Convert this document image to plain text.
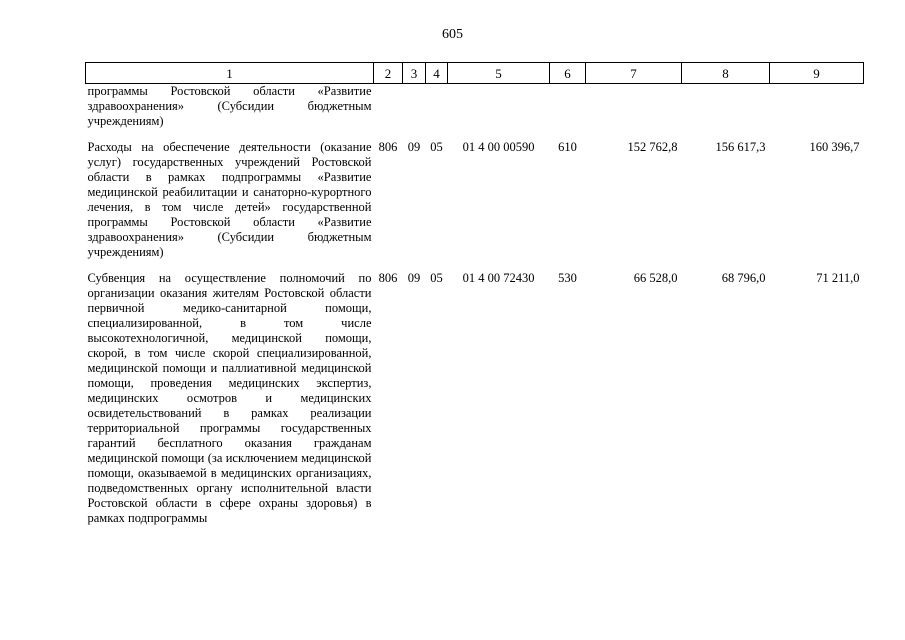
605
1	2	3	4	5	6	7	8	9
программы Ростовской области «Развитие здравоохранения» (Субсидии бюджетным учреждениям)								
Расходы на обеспечение деятельности (оказание услуг) государственных учреждений Ростовской области в рамках подпрограммы «Развитие медицинской реабилитации и санаторно-курортного лечения, в том числе детей» государственной программы Ростовской области «Развитие здравоохранения» (Субсидии бюджетным учреждениям)	806	09	05	01 4 00 00590	610	152 762,8	156 617,3	160 396,7
Субвенция на осуществление полномочий по организации оказания жителям Ростовской области первичной медико-санитарной помощи, специализированной, в том числе высокотехнологичной, медицинской помощи, скорой, в том числе скорой специализированной, медицинской помощи и паллиативной медицинской помощи, проведения медицинских экспертиз, медицинских осмотров и медицинских освидетельствований в рамках реализации территориальной программы государственных гарантий бесплатного оказания гражданам медицинской помощи (за исключением медицинской помощи, оказываемой в медицинских организациях, подведомственных органу исполнительной власти Ростовской области в сфере охраны здоровья) в рамках подпрограммы	806	09	05	01 4 00 72430	530	66 528,0	68 796,0	71 211,0
